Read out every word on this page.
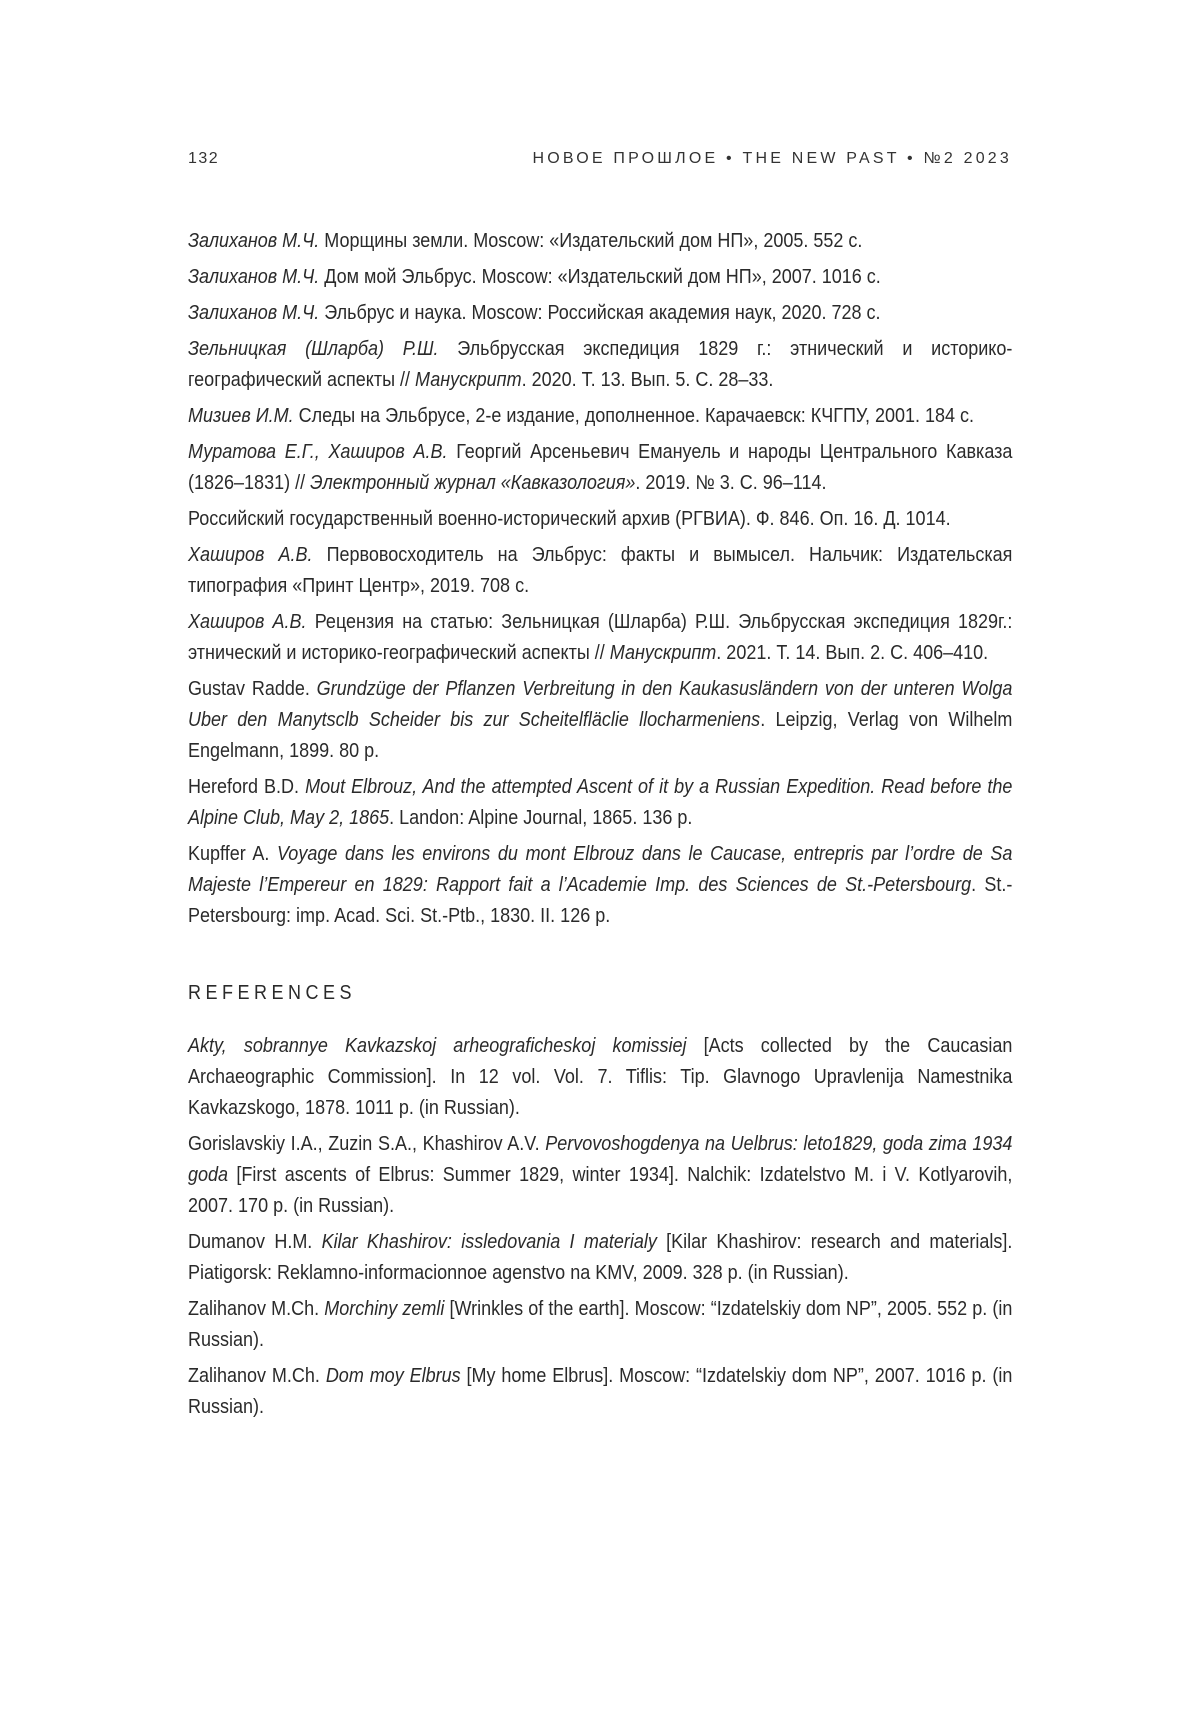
132	НОВОЕ ПРОШЛОЕ • THE NEW PAST • №2 2023

Залиханов М.Ч. Морщины земли. Moscow: «Издательский дом НП», 2005. 552 с.

Залиханов М.Ч. Дом мой Эльбрус. Moscow: «Издательский дом НП», 2007. 1016 с.

Залиханов М.Ч. Эльбрус и наука. Moscow: Российская академия наук, 2020. 728 с.

Зельницкая (Шларба) Р.Ш. Эльбрусская экспедиция 1829 г.: этнический и историко-географический аспекты // Манускрипт. 2020. Т. 13. Вып. 5. С. 28–33.

Мизиев И.М. Следы на Эльбрусе, 2-е издание, дополненное. Карачаевск: КЧГПУ, 2001. 184 с.

Муратова Е.Г., Хаширов А.В. Георгий Арсеньевич Емануель и народы Центрального Кавказа (1826–1831) // Электронный журнал «Кавказология». 2019. № 3. С. 96–114.

Российский государственный военно-исторический архив (РГВИА). Ф. 846. Оп. 16. Д. 1014.

Хаширов А.В. Первовосходитель на Эльбрус: факты и вымысел. Нальчик: Издательская типография «Принт Центр», 2019. 708 с.

Хаширов А.В. Рецензия на статью: Зельницкая (Шларба) Р.Ш. Эльбрусская экспедиция 1829г.: этнический и историко-географический аспекты // Манускрипт. 2021. Т. 14. Вып. 2. С. 406–410.

Gustav Radde. Grundzüge der Pflanzen Verbreitung in den Kaukasusländern von der unteren Wolga Uber den Manytsclb Scheider bis zur Scheitelfläclie llocharmeniens. Leipzig, Verlag von Wilhelm Engelmann, 1899. 80 p.

Hereford B.D. Mout Elbrouz, And the attempted Ascent of it by a Russian Expedition. Read before the Alpine Club, May 2, 1865. Landon: Alpine Journal, 1865. 136 p.

Kupffer A. Voyage dans les environs du mont Elbrouz dans le Caucase, entrepris par l’ordre de Sa Majeste l’Empereur en 1829: Rapport fait a l’Academie Imp. des Sciences de St.-Petersbourg. St.-Petersbourg: imp. Acad. Sci. St.-Ptb., 1830. II. 126 p.

REFERENCES

Akty, sobrannye Kavkazskoj arheograficheskoj komissiej [Acts collected by the Caucasian Archaeographic Commission]. In 12 vol. Vol. 7. Tiflis: Tip. Glavnogo Upravlenija Namestnika Kavkazskogo, 1878. 1011 p. (in Russian).

Gorislavskiy I.A., Zuzin S.A., Khashirov A.V. Pervovoshogdenya na Uelbrus: leto1829, goda zima 1934 goda [First ascents of Elbrus: Summer 1829, winter 1934]. Nalchik: Izdatelstvo M. i V. Kotlyarovih, 2007. 170 p. (in Russian).

Dumanov H.M. Kilar Khashirov: issledovania I materialy [Kilar Khashirov: research and materials]. Piatigorsk: Reklamno-informacionnoe agenstvo na KMV, 2009. 328 p. (in Russian).

Zalihanov M.Ch. Morchiny zemli [Wrinkles of the earth]. Moscow: “Izdatelskiy dom NP”, 2005. 552 p. (in Russian).

Zalihanov M.Ch. Dom moy Elbrus [My home Elbrus]. Moscow: “Izdatelskiy dom NP”, 2007. 1016 p. (in Russian).
